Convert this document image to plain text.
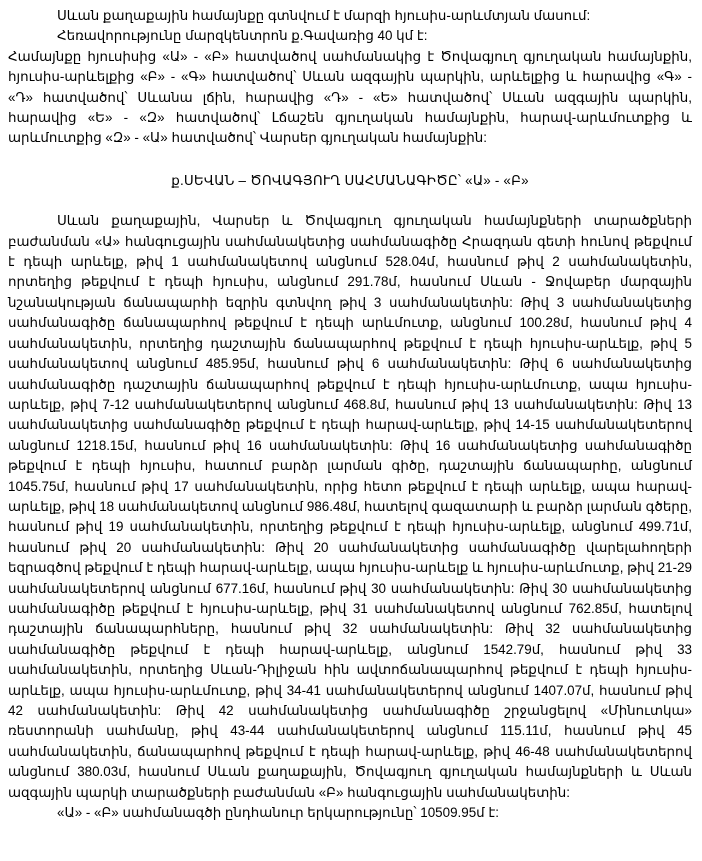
Սևան քաղաքային համայնքը գտնվում է մարզի հյուսիս-արևմտյան մասում:

Հեռավորությունը մարզկենտրոն ք.Գավառից 40 կմ է:

Համայնքը հյուսիսից «Ա» - «Բ» հատվածով սահմանակից է Ծովագյուղ գյուղական համայնքին, հյուսիս-արևելքից «Բ» - «Գ» հատվածով՝ Սևան ազգային պարկին, արևելքից և հարավից «Գ» - «Դ» հատվածով՝ Սևանա լճին, հարավից «Դ» - «Ե» հատվածով՝ Սևան ազգային պարկին, հարավից «Ե» - «Զ» հատվածով՝ Լճաշեն գյուղական համայնքին, հարավ-արևմուտքից և արևմուտքից «Զ» - «Ա» հատվածով՝ Վարսեր գյուղական համայնքին:

ք.ՍԵՎԱՆ – ԾՈՎԱԳՅՈՒՂ ՍԱՀՄԱՆԱԳԻԾԸ՝ «Ա» - «Բ»

Սևան քաղաքային, Վարսեր և Ծովագյուղ գյուղական համայնքների տարածքների բաժանման «Ա» հանգուցային սահմանակետից սահմանագիծը Հրազդան գետի հունով թեքվում է դեպի արևելք, թիվ 1 սահմանակետով անցնում 528.04մ, հասնում թիվ 2 սահմանակետին, որտեղից թեքվում է դեպի հյուսիս, անցնում 291.78մ, հասնում Սևան - Ջովաբեր մարզային նշանակության ճանապարհի եզրին գտնվող թիվ 3 սահմանակետին: Թիվ 3 սահմանակետից սահմանագիծը ճանապարհով թեքվում է դեպի արևմուտք, անցնում 100.28մ, հասնում թիվ 4 սահմանակետին, որտեղից դաշտային ճանապարհով թեքվում է դեպի հյուսիս-արևելք, թիվ 5 սահմանակետով անցնում 485.95մ, հասնում թիվ 6 սահմանակետին: Թիվ 6 սահմանակետից սահմանագիծը դաշտային ճանապարհով թեքվում է դեպի հյուսիս-արևմուտք, ապա հյուսիս-արևելք, թիվ 7-12 սահմանակետերով անցնում 468.8մ, հասնում թիվ 13 սահմանակետին: Թիվ 13 սահմանակետից սահմանագիծը թեքվում է դեպի հարավ-արևելք, թիվ 14-15 սահմանակետերով անցնում 1218.15մ, հասնում թիվ 16 սահմանակետին: Թիվ 16 սահմանակետից սահմանագիծը թեքվում է դեպի հյուսիս, հատում բարձր լարման գիծը, դաշտային ճանապարհը, անցնում 1045.75մ, հասնում թիվ 17 սահմանակետին, որից հետո թեքվում է դեպի արևելք, ապա հարավ-արևելք, թիվ 18 սահմանակետով անցնում 986.48մ, հատելով գազատարի և բարձր լարման գծերը, հասնում թիվ 19 սահմանակետին, որտեղից թեքվում է դեպի հյուսիս-արևելք, անցնում 499.71մ, հասնում թիվ 20 սահմանակետին: Թիվ 20 սահմանակետից սահմանագիծը վարելահողերի եզրագծով թեքվում է դեպի հարավ-արևելք, ապա հյուսիս-արևելք և հյուսիս-արևմուտք, թիվ 21-29 սահմանակետերով անցնում 677.16մ, հասնում թիվ 30 սահմանակետին: Թիվ 30 սահմանակետից սահմանագիծը թեքվում է հյուսիս-արևելք, թիվ 31 սահմանակետով անցնում 762.85մ, հատելով դաշտային ճանապարհները, հասնում թիվ 32 սահմանակետին: Թիվ 32 սահմանակետից սահմանագիծը թեքվում է դեպի հարավ-արևելք, անցնում 1542.79մ, հասնում թիվ 33 սահմանակետին, որտեղից Սևան-Դիլիջան հին ավտոճանապարհով թեքվում է դեպի հյուսիս-արևելք, ապա հյուսիս-արևմուտք, թիվ 34-41 սահմանակետերով անցնում 1407.07մ, հասնում թիվ 42 սահմանակետին: Թիվ 42 սահմանակետից սահմանագիծը շրջանցելով «Մինուտկա» ռեստորանի սահմանը, թիվ 43-44 սահմանակետերով անցնում 115.11մ, հասնում թիվ 45 սահմանակետին, ճանապարհով թեքվում է դեպի հարավ-արևելք, թիվ 46-48 սահմանակետերով անցնում 380.03մ, հասնում Սևան քաղաքային, Ծովագյուղ գյուղական համայնքների և Սևան ազգային պարկի տարածքների բաժանման «Բ» հանգուցային սահմանակետին:

«Ա» - «Բ» սահմանագծի ընդհանուր երկարությունը՝ 10509.95մ է:
